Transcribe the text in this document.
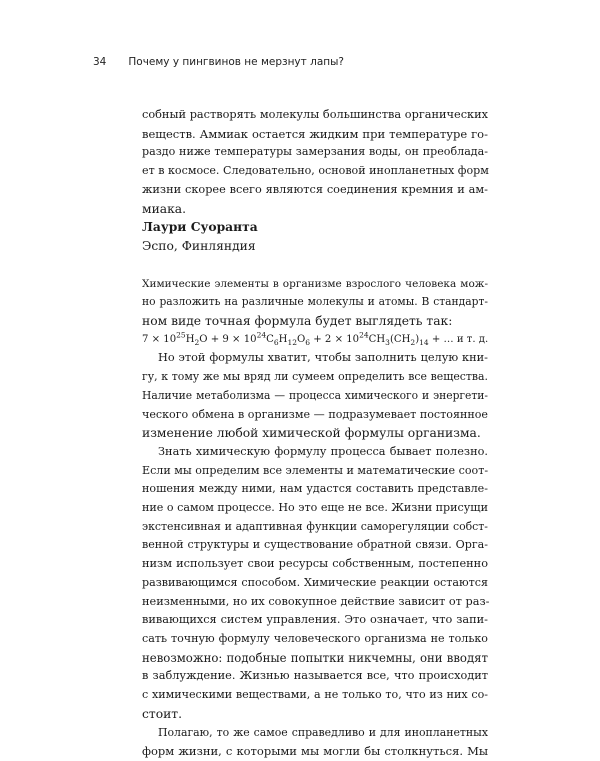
34 Почему у пингвинов не мерзнут лапы?
собный растворять молекулы большинства органических
веществ. Аммиак остается жидким при температуре го-
раздо ниже температуры замерзания воды, он преоблада-
ет в космосе. Следовательно, основой инопланетных форм
жизни скорее всего являются соединения кремния и ам-
миака.
Лаури Суоранта
Эспо, Финляндия
Химические элементы в организме взрослого человека мож-
но разложить на различные молекулы и атомы. В стандарт-
ном виде точная формула будет выглядеть так:
$7 \times 10^{25}H_2O + 9 \times 10^{24}C_6H_{12}O_6 + 2 \times 10^{24}CH_3(CH_2)_{14}$ + … и т. д.
Но этой формулы хватит, чтобы заполнить целую кни-
гу, к тому же мы вряд ли сумеем определить все вещества.
Наличие метаболизма — процесса химического и энергети-
ческого обмена в организме — подразумевает постоянное
изменение любой химической формулы организма.
Знать химическую формулу процесса бывает полезно.
Если мы определим все элементы и математические соот-
ношения между ними, нам удастся составить представле-
ние о самом процессе. Но это еще не все. Жизни присущи
экстенсивная и адаптивная функции саморегуляции собст-
венной структуры и существование обратной связи. Орга-
низм использует свои ресурсы собственным, постепенно
развивающимся способом. Химические реакции остаются
неизменными, но их совокупное действие зависит от раз-
вивающихся систем управления. Это означает, что запи-
сать точную формулу человеческого организма не только
невозможно: подобные попытки никчемны, они вводят
в заблуждение. Жизнью называется все, что происходит
с химическими веществами, а не только то, что из них со-
стоит.
Полагаю, то же самое справедливо и для инопланетных
форм жизни, с которыми мы могли бы столкнуться. Мы
